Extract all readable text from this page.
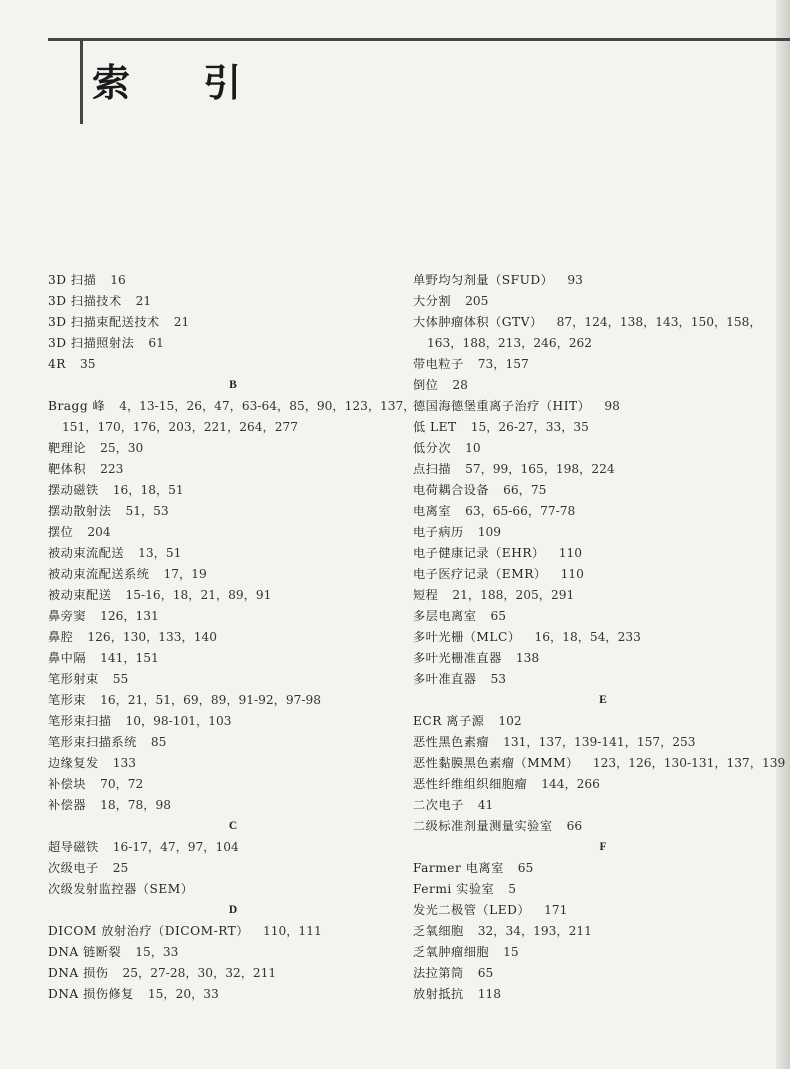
索 引
3D 扫描 16
3D 扫描技术 21
3D 扫描束配送技术 21
3D 扫描照射法 61
4R 35
B
Bragg 峰 4，13-15，26，47，63-64，85，90，123，137，
151，170，176，203，221，264，277
靶理论 25，30
靶体积 223
摆动磁铁 16，18，51
摆动散射法 51，53
摆位 204
被动束流配送 13，51
被动束流配送系统 17，19
被动束配送 15-16，18，21，89，91
鼻旁窦 126，131
鼻腔 126，130，133，140
鼻中隔 141，151
笔形射束 55
笔形束 16，21，51，69，89，91-92，97-98
笔形束扫描 10，98-101，103
笔形束扫描系统 85
边缘复发 133
补偿块 70，72
补偿器 18，78，98
C
超导磁铁 16-17，47，97，104
次级电子 25
次级发射监控器（SEM）
D
DICOM 放射治疗（DICOM-RT） 110，111
DNA 链断裂 15，33
DNA 损伤 25，27-28，30，32，211
DNA 损伤修复 15，20，33
单野均匀剂量（SFUD） 93
大分割 205
大体肿瘤体积（GTV） 87，124，138，143，150，158，
163，188，213，246，262
带电粒子 73，157
倒位 28
德国海德堡重离子治疗（HIT） 98
低 LET 15，26-27，33，35
低分次 10
点扫描 57，99，165，198，224
电荷耦合设备 66，75
电离室 63，65-66，77-78
电子病历 109
电子健康记录（EHR） 110
电子医疗记录（EMR） 110
短程 21，188，205，291
多层电离室 65
多叶光栅（MLC） 16，18，54，233
多叶光栅准直器 138
多叶准直器 53
E
ECR 离子源 102
恶性黑色素瘤 131，137，139-141，157，253
恶性黏膜黑色素瘤（MMM） 123，126，130-131，137，139
恶性纤维组织细胞瘤 144，266
二次电子 41
二级标准剂量测量实验室 66
F
Farmer 电离室 65
Fermi 实验室 5
发光二极管（LED） 171
乏氧细胞 32，34，193，211
乏氧肿瘤细胞 15
法拉第筒 65
放射抵抗 118
